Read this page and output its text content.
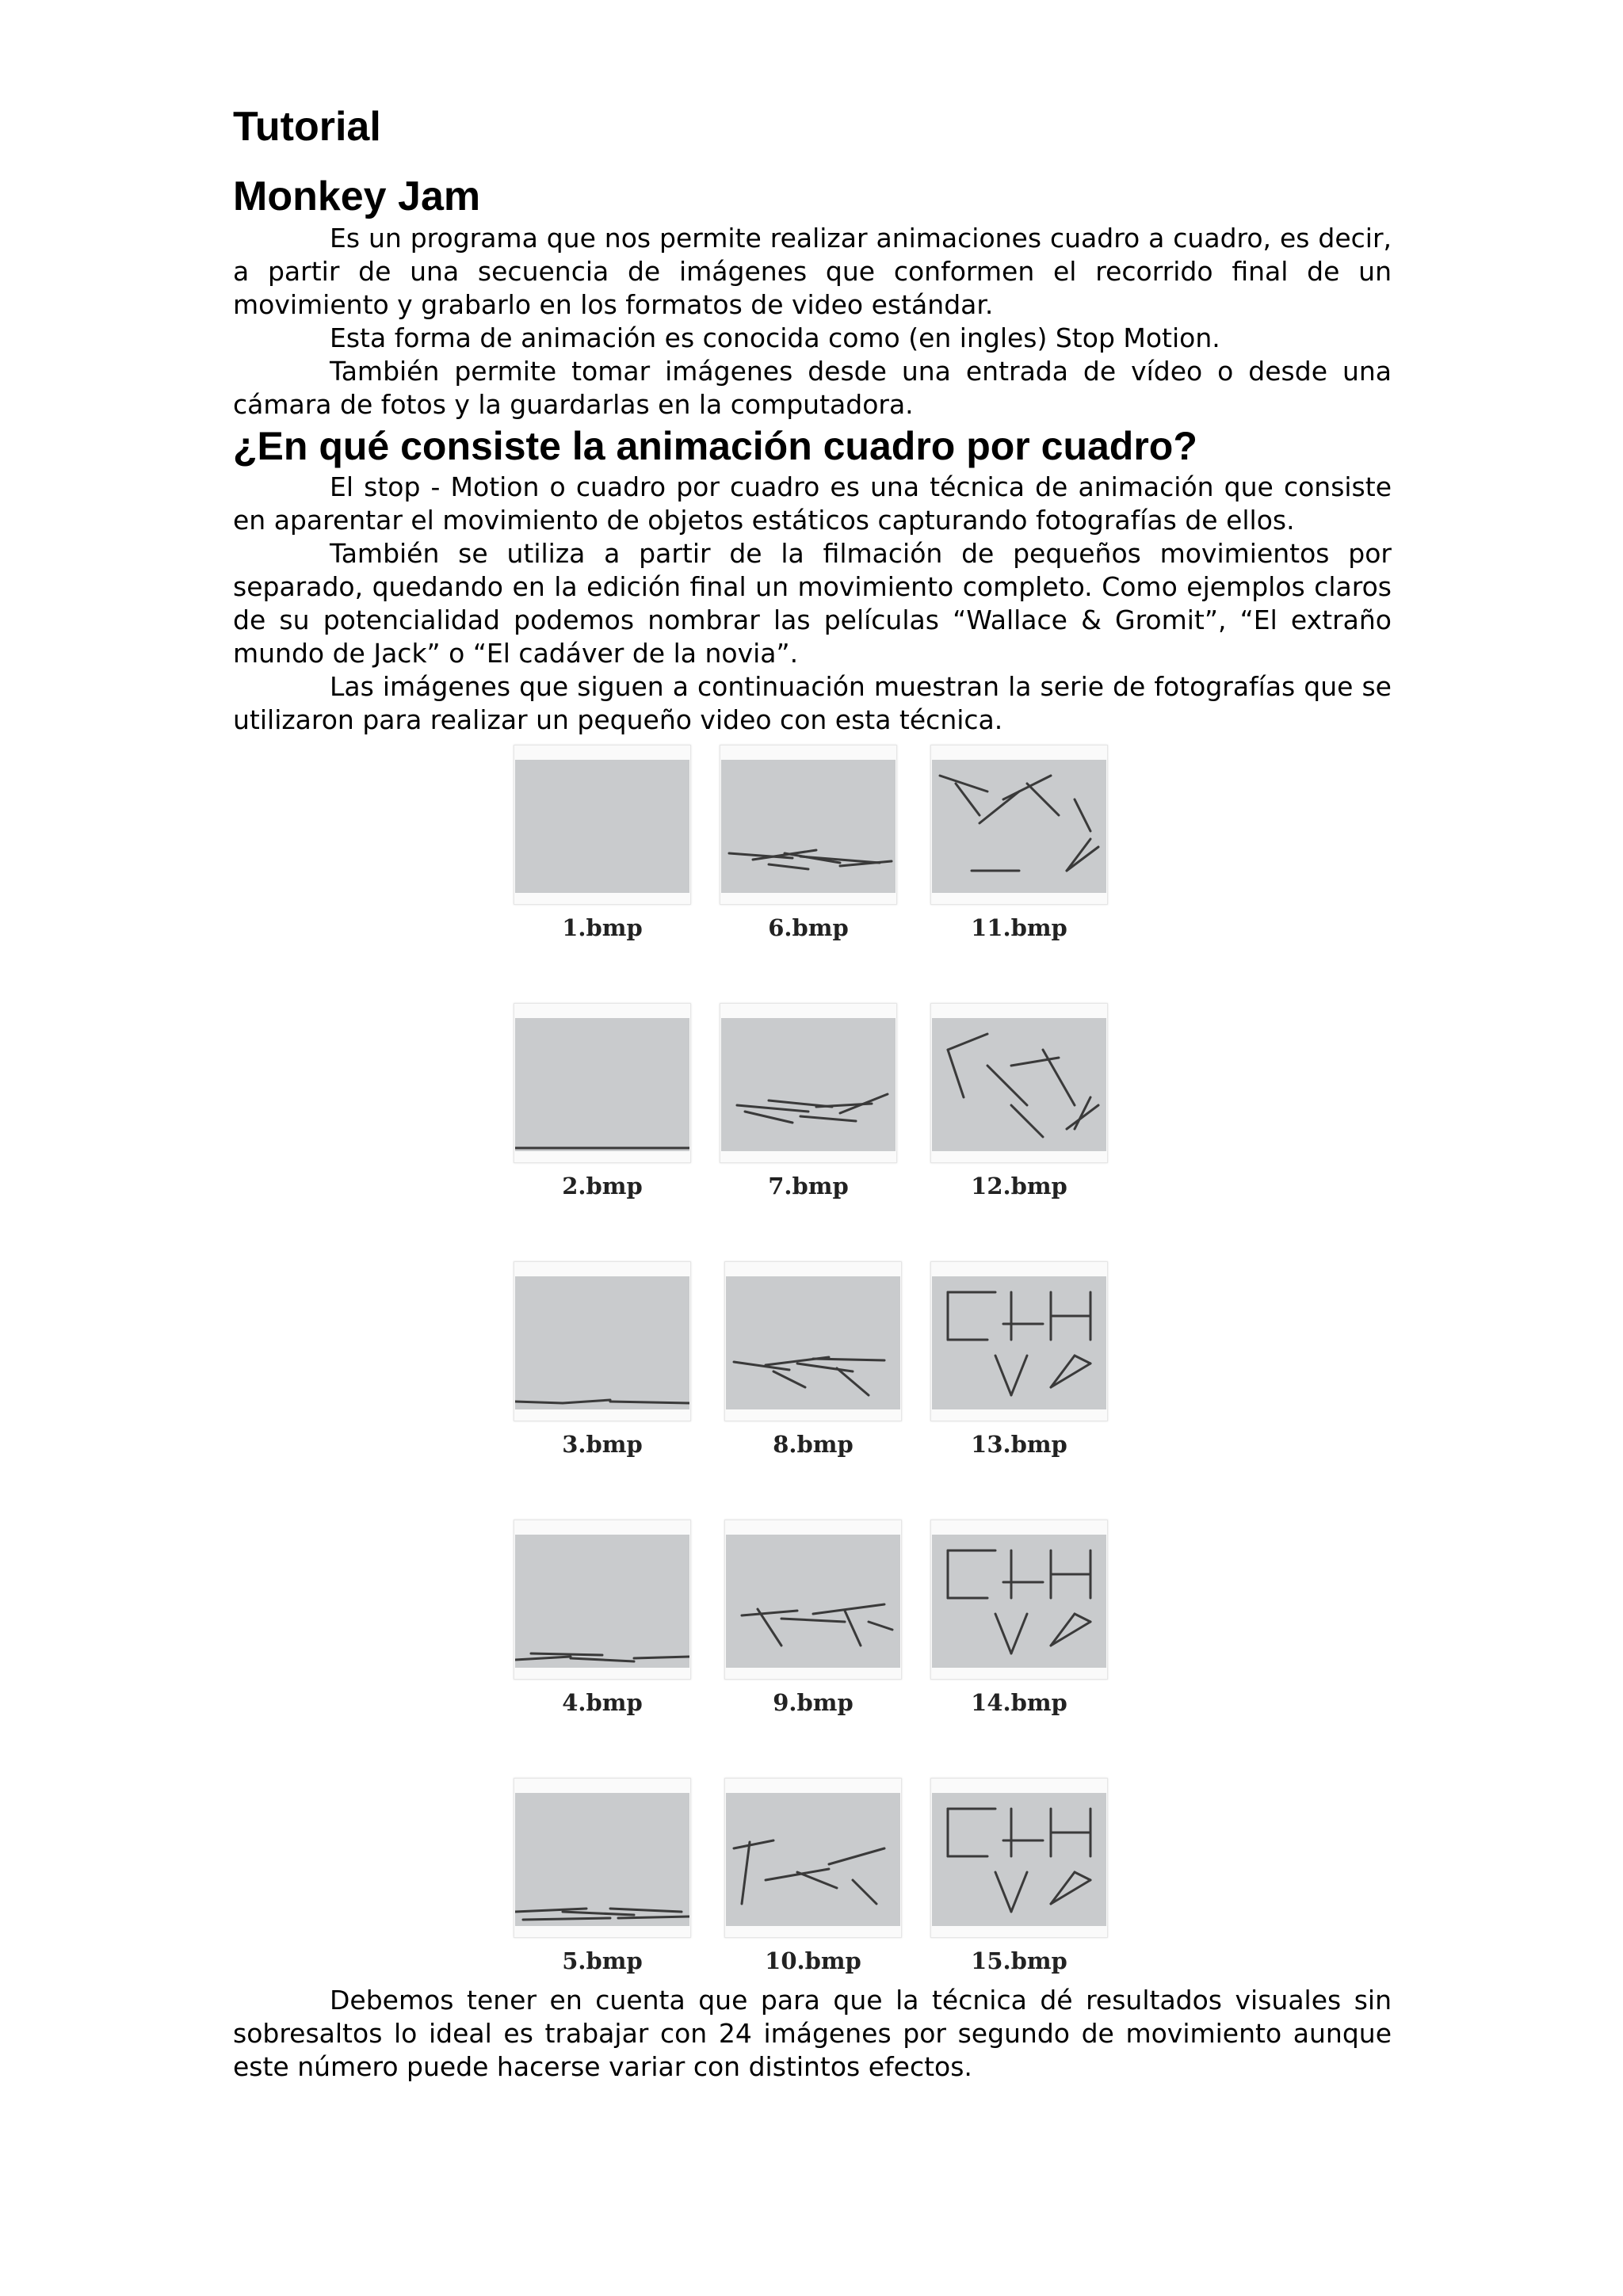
Tutorial
Monkey Jam

Es un programa que nos permite realizar animaciones cuadro a cuadro, es decir, a partir de una secuencia de imágenes que conformen el recorrido final de un movimiento y grabarlo en los formatos de video estándar.

Esta forma de animación es conocida como (en ingles) Stop Motion.

También permite tomar imágenes desde una entrada de vídeo o desde una cámara de fotos y la guardarlas en la computadora.

¿En qué consiste la animación cuadro por cuadro?

El stop - Motion o cuadro por cuadro es una técnica de animación que consiste en aparentar el movimiento de objetos estáticos capturando fotografías de ellos.

También se utiliza a partir de la filmación de pequeños movimientos por separado, quedando en la edición final un movimiento completo. Como ejemplos claros de su potencialidad podemos nombrar las películas “Wallace & Gromit”, “El extraño mundo de Jack” o “El cadáver de la novia”.

Las imágenes que siguen a continuación muestran la serie de fotografías que se utilizaron para realizar un pequeño video con esta técnica.

1.bmp
2.bmp
3.bmp
4.bmp
5.bmp
6.bmp
7.bmp
8.bmp
9.bmp
10.bmp
11.bmp
12.bmp
13.bmp
14.bmp
15.bmp

Debemos tener en cuenta que para que la técnica dé resultados visuales sin sobresaltos lo ideal es trabajar con 24 imágenes por segundo de movimiento aunque este número puede hacerse variar con distintos efectos.
